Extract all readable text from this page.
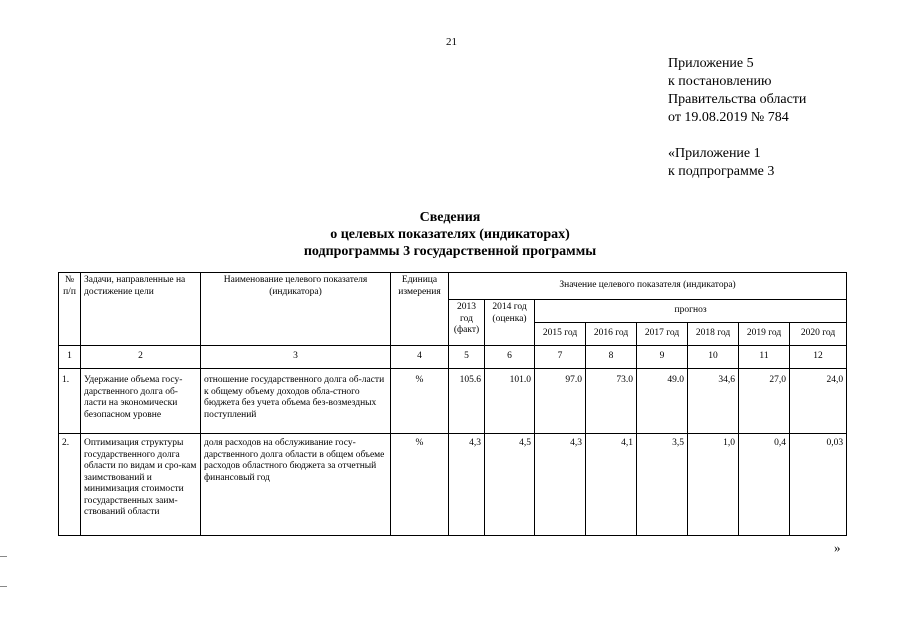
21
Приложение 5
к постановлению
Правительства области
от 19.08.2019 № 784
«Приложение 1
к подпрограмме 3
Сведения
о целевых показателях (индикаторах)
подпрограммы 3 государственной программы
№ п/п	Задачи, направленные на достижение цели	Наименование целевого показателя (индикатора)	Единица измерения	Значение целевого показателя (индикатора)							
				2013 год (факт)	2014 год (оценка)	прогноз					
						2015 год	2016 год	2017 год	2018 год	2019 год	2020 год
1	2	3	4	5	6	7	8	9	10	11	12
1.	Удержание объема госу-дарственного долга об-ласти на экономически безопасном уровне	отношение государственного долга об-ласти к общему объему доходов обла-стного бюджета без учета объема без-возмездных поступлений	%	105.6	101.0	97.0	73.0	49.0	34,6	27,0	24,0
2.	Оптимизация структуры государственного долга области по видам и сро-кам заимствований и минимизация стоимости государственных заим-ствований области	доля расходов на обслуживание госу-дарственного долга области в общем объеме расходов областного бюджета за отчетный финансовый год	%	4,3	4,5	4,3	4,1	3,5	1,0	0,4	0,03
»
